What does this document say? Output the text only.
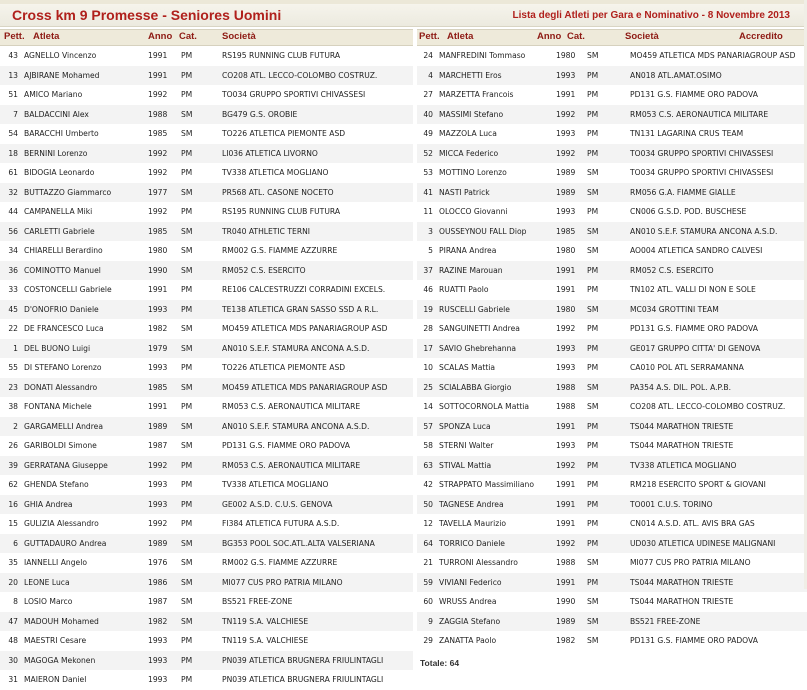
Cross km 9 Promesse - Seniores Uomini	Lista degli Atleti per Gara e Nominativo - 8 Novembre 2013
Pett. Atleta	Anno Cat.	Società
43 AGNELLO Vincenzo	1991 PM	RS195 RUNNING CLUB FUTURA
13 AJBIRANE Mohamed	1991 PM	CO208 ATL. LECCO-COLOMBO COSTRUZ.
51 AMICO Mariano	1992 PM	TO034 GRUPPO SPORTIVI CHIVASSESI
7 BALDACCINI Alex	1988 SM	BG479 G.S. OROBIE
54 BARACCHI Umberto	1985 SM	TO226 ATLETICA PIEMONTE ASD
18 BERNINI Lorenzo	1992 PM	LI036 ATLETICA LIVORNO
61 BIDOGIA Leonardo	1992 PM	TV338 ATLETICA MOGLIANO
32 BUTTAZZO Giammarco	1977 SM	PR568 ATL. CASONE NOCETO
44 CAMPANELLA Miki	1992 PM	RS195 RUNNING CLUB FUTURA
56 CARLETTI Gabriele	1985 SM	TR040 ATHLETIC TERNI
34 CHIARELLI Berardino	1980 SM	RM002 G.S. FIAMME AZZURRE
36 COMINOTTO Manuel	1990 SM	RM052 C.S. ESERCITO
33 COSTONCELLI Gabriele	1991 PM	RE106 CALCESTRUZZI CORRADINI EXCELS.
45 D'ONOFRIO Daniele	1993 PM	TE138 ATLETICA GRAN SASSO SSD A R.L.
22 DE FRANCESCO Luca	1982 SM	MO459 ATLETICA MDS PANARIAGROUP ASD
1 DEL BUONO Luigi	1979 SM	AN010 S.E.F. STAMURA ANCONA A.S.D.
55 DI STEFANO Lorenzo	1993 PM	TO226 ATLETICA PIEMONTE ASD
23 DONATI Alessandro	1985 SM	MO459 ATLETICA MDS PANARIAGROUP ASD
38 FONTANA Michele	1991 PM	RM053 C.S. AERONAUTICA MILITARE
2 GARGAMELLI Andrea	1989 SM	AN010 S.E.F. STAMURA ANCONA A.S.D.
26 GARIBOLDI Simone	1987 SM	PD131 G.S. FIAMME ORO PADOVA
39 GERRATANA Giuseppe	1992 PM	RM053 C.S. AERONAUTICA MILITARE
62 GHENDA Stefano	1993 PM	TV338 ATLETICA MOGLIANO
16 GHIA Andrea	1993 PM	GE002 A.S.D. C.U.S. GENOVA
15 GULIZIA Alessandro	1992 PM	FI384 ATLETICA FUTURA A.S.D.
6 GUTTADAURO Andrea	1989 SM	BG353 POOL SOC.ATL.ALTA VALSERIANA
35 IANNELLI Angelo	1976 SM	RM002 G.S. FIAMME AZZURRE
20 LEONE Luca	1986 SM	MI077 CUS PRO PATRIA MILANO
8 LOSIO Marco	1987 SM	BS521 FREE-ZONE
47 MADOUH Mohamed	1982 SM	TN119 S.A. VALCHIESE
48 MAESTRI Cesare	1993 PM	TN119 S.A. VALCHIESE
30 MAGOGA Mekonen	1993 PM	PN039 ATLETICA BRUGNERA FRIULINTAGLI
31 MAIERON Daniel	1993 PM	PN039 ATLETICA BRUGNERA FRIULINTAGLI
Pett. Atleta	Anno Cat.	Società	Accredito
24 MANFREDINI Tommaso	1980 SM	MO459 ATLETICA MDS PANARIAGROUP ASD
4 MARCHETTI Eros	1993 PM	AN018 ATL.AMAT.OSIMO
27 MARZETTA Francois	1991 PM	PD131 G.S. FIAMME ORO PADOVA
40 MASSIMI Stefano	1992 PM	RM053 C.S. AERONAUTICA MILITARE
49 MAZZOLA Luca	1993 PM	TN131 LAGARINA CRUS TEAM
52 MICCA Federico	1992 PM	TO034 GRUPPO SPORTIVI CHIVASSESI
53 MOTTINO Lorenzo	1989 SM	TO034 GRUPPO SPORTIVI CHIVASSESI
41 NASTI Patrick	1989 SM	RM056 G.A. FIAMME GIALLE
11 OLOCCO Giovanni	1993 PM	CN006 G.S.D. POD. BUSCHESE
3 OUSSEYNOU FALL Diop	1985 SM	AN010 S.E.F. STAMURA ANCONA A.S.D.
5 PIRANA Andrea	1980 SM	AO004 ATLETICA SANDRO CALVESI
37 RAZINE Marouan	1991 PM	RM052 C.S. ESERCITO
46 RUATTI Paolo	1991 PM	TN102 ATL. VALLI DI NON E SOLE
19 RUSCELLI Gabriele	1980 SM	MC034 GROTTINI TEAM
28 SANGUINETTI Andrea	1992 PM	PD131 G.S. FIAMME ORO PADOVA
17 SAVIO Ghebrehanna	1993 PM	GE017 GRUPPO CITTA' DI GENOVA
10 SCALAS Mattia	1993 PM	CA010 POL ATL SERRAMANNA
25 SCIALABBA Giorgio	1988 SM	PA354 A.S. DIL. POL. A.P.B.
14 SOTTOCORNOLA Mattia	1988 SM	CO208 ATL. LECCO-COLOMBO COSTRUZ.
57 SPONZA Luca	1991 PM	TS044 MARATHON TRIESTE
58 STERNI Walter	1993 PM	TS044 MARATHON TRIESTE
63 STIVAL Mattia	1992 PM	TV338 ATLETICA MOGLIANO
42 STRAPPATO Massimiliano	1991 PM	RM218 ESERCITO SPORT & GIOVANI
50 TAGNESE Andrea	1991 PM	TO001 C.U.S. TORINO
12 TAVELLA Maurizio	1991 PM	CN014 A.S.D. ATL. AVIS BRA GAS
64 TORRICO Daniele	1992 PM	UD030 ATLETICA UDINESE MALIGNANI
21 TURRONI Alessandro	1988 SM	MI077 CUS PRO PATRIA MILANO
59 VIVIANI Federico	1991 PM	TS044 MARATHON TRIESTE
60 WRUSS Andrea	1990 SM	TS044 MARATHON TRIESTE
9 ZAGGIA Stefano	1989 SM	BS521 FREE-ZONE
29 ZANATTA Paolo	1982 SM	PD131 G.S. FIAMME ORO PADOVA
Totale: 64
